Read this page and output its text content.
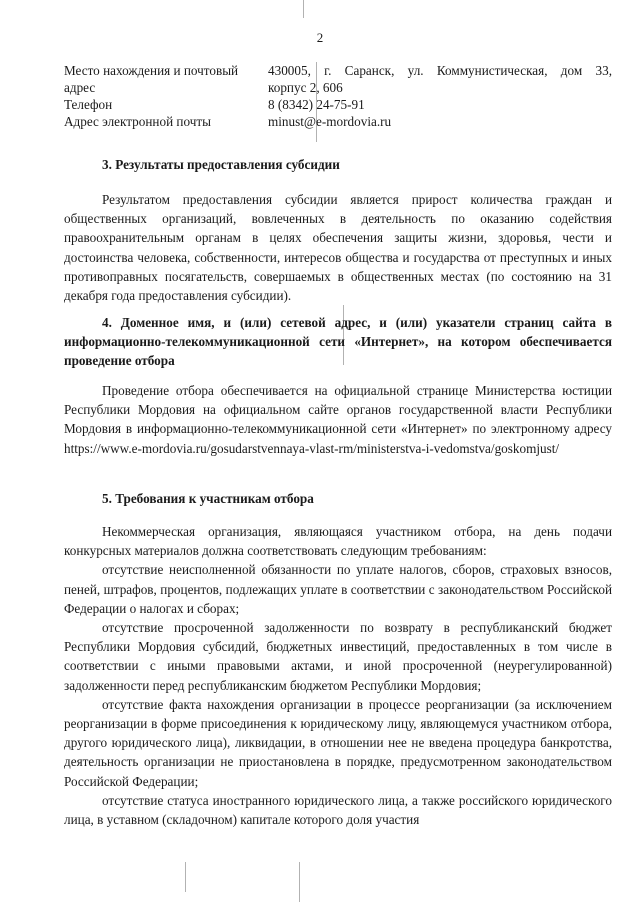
2
Место нахождения и почтовый	430005, г. Саранск, ул. Коммунистическая, дом 33,
адрес	корпус 2, 606
Телефон	8 (8342) 24-75-91
Адрес электронной почты	minust@e-mordovia.ru
3. Результаты предоставления субсидии

Результатом предоставления субсидии является прирост количества граждан и общественных организаций, вовлеченных в деятельность по оказанию содействия правоохранительным органам в целях обеспечения защиты жизни, здоровья, чести и достоинства человека, собственности, интересов общества и государства от преступных и иных противоправных посягательств, совершаемых в общественных местах (по состоянию на 31 декабря года предоставления субсидии).

4. Доменное имя, и (или) сетевой адрес, и (или) указатели страниц сайта в информационно-телекоммуникационной сети «Интернет», на котором обеспечивается проведение отбора

Проведение отбора обеспечивается на официальной странице Министерства юстиции Республики Мордовия на официальном сайте органов государственной власти Республики Мордовия в информационно-телекоммуникационной сети «Интернет» по электронному адресу https://www.e-mordovia.ru/gosudarstvennaya-vlast-rm/ministerstva-i-vedomstva/goskomjust/

5. Требования к участникам отбора

Некоммерческая организация, являющаяся участником отбора, на день подачи конкурсных материалов должна соответствовать следующим требованиям:

отсутствие неисполненной обязанности по уплате налогов, сборов, страховых взносов, пеней, штрафов, процентов, подлежащих уплате в соответствии с законодательством Российской Федерации о налогах и сборах;

отсутствие просроченной задолженности по возврату в республиканский бюджет Республики Мордовия субсидий, бюджетных инвестиций, предоставленных в том числе в соответствии с иными правовыми актами, и иной просроченной (неурегулированной) задолженности перед республиканским бюджетом Республики Мордовия;

отсутствие факта нахождения организации в процессе реорганизации (за исключением реорганизации в форме присоединения к юридическому лицу, являющемуся участником отбора, другого юридического лица), ликвидации, в отношении нее не введена процедура банкротства, деятельность организации не приостановлена в порядке, предусмотренном законодательством Российской Федерации;

отсутствие статуса иностранного юридического лица, а также российского юридического лица, в уставном (складочном) капитале которого доля участия
